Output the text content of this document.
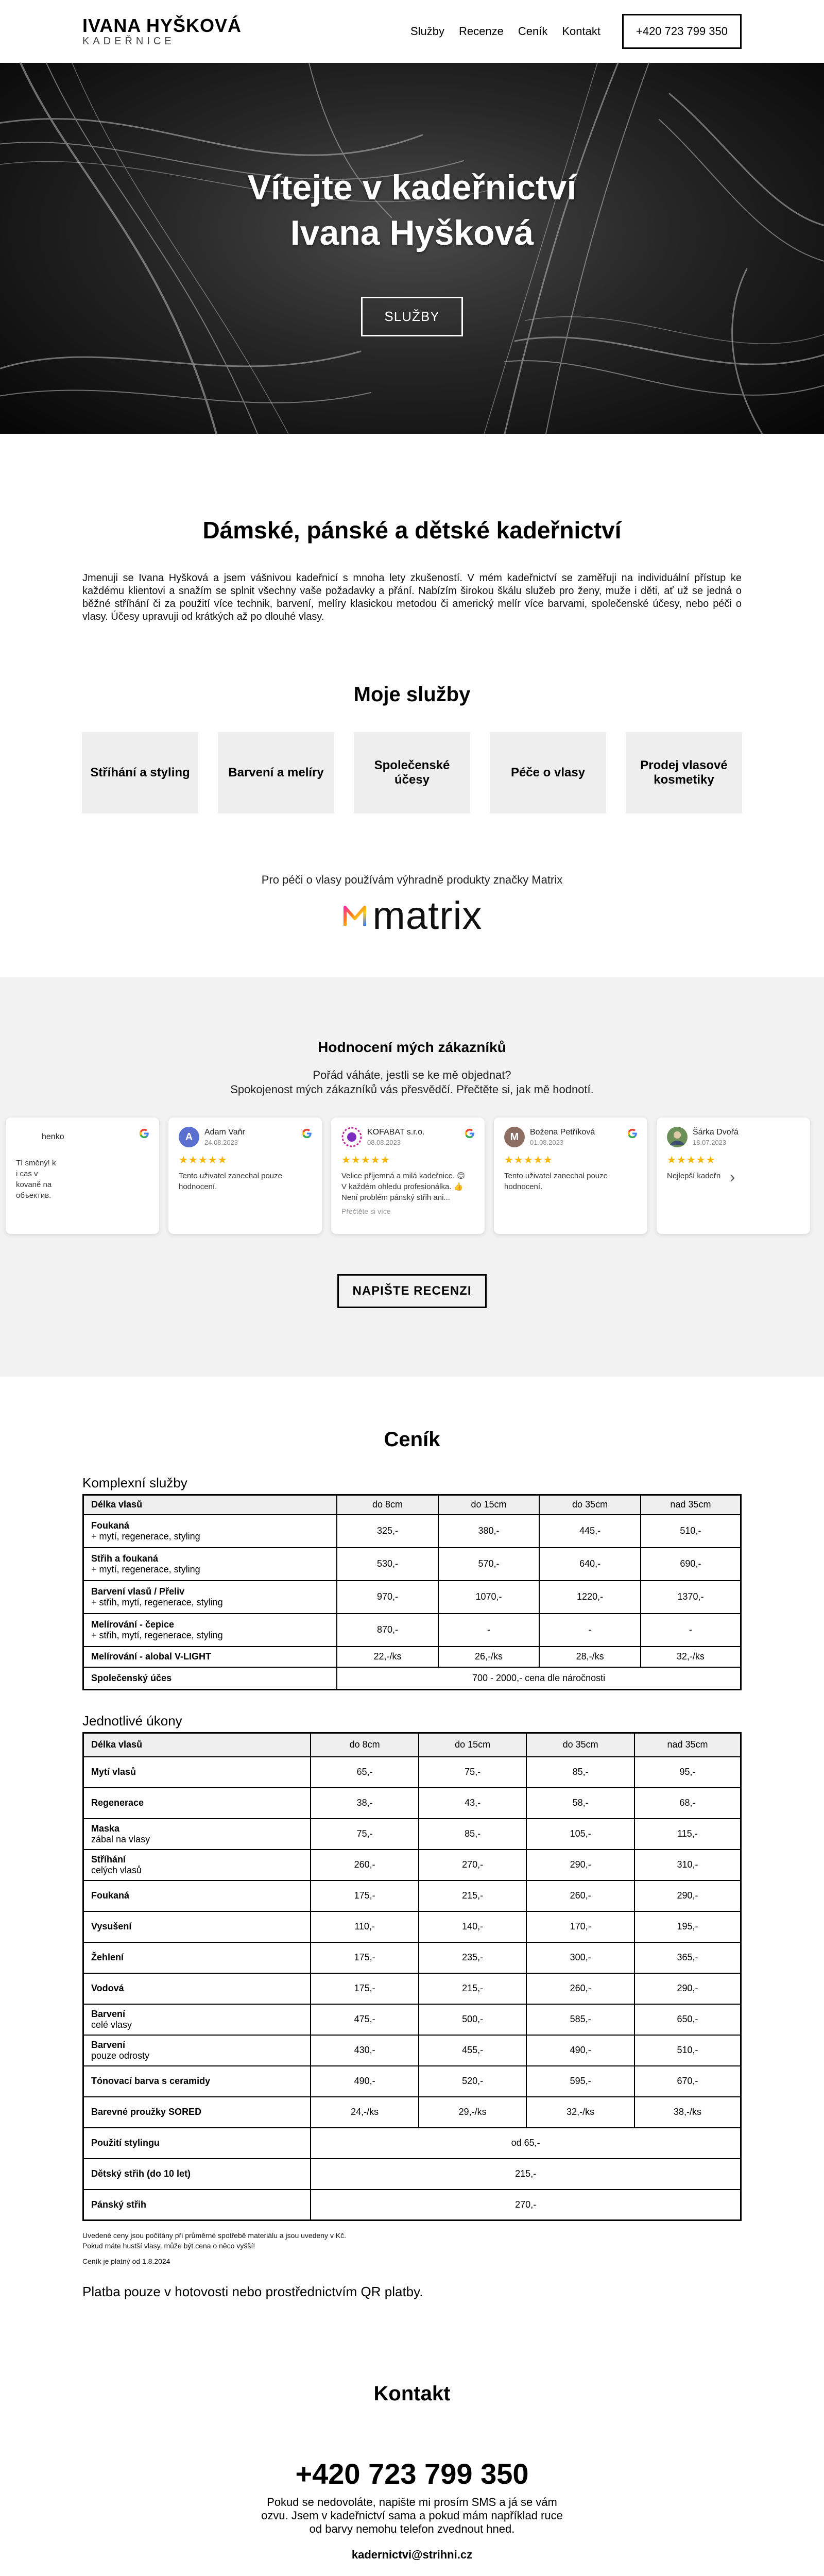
IVANA HYŠKOVÁ
KADEŘNICE
Služby Recenze Ceník Kontakt	+420 723 799 350
Vítejte v kadeřnictví
Ivana Hyšková
SLUŽBY
Dámské, pánské a dětské kadeřnictví

Jmenuji se Ivana Hyšková a jsem vášnivou kadeřnicí s mnoha lety zkušeností. V mém kadeřnictví se zaměřuji na individuální přístup ke každému klientovi a snažím se splnit všechny vaše požadavky a přání. Nabízím širokou škálu služeb pro ženy, muže i děti, ať už se jedná o běžné stříhání či za použití více technik, barvení, melíry klasickou metodou či americký melír více barvami, společenské účesy, nebo péči o vlasy. Účesy upravuji od krátkých až po dlouhé vlasy.

Moje služby
Stříhání a styling	Barvení a melíry
Společenské účesy
Péče o vlasy
Prodej vlasové kosmetiky

Pro péči o vlasy používám výhradně produkty značky Matrix

matrix
Hodnocení mých zákazníků

Pořád váháte, jestli se ke mě objednat?
Spokojenost mých zákazníků vás přesvědčí. Přečtěte si, jak mě hodnotí.

henko
Tí směný! k
i cas v
kovaně na
объектив.
A	Adam Vaňr
24.08.2023
★★★★★
Tento uživatel zanechal pouze hodnocení.
KOFABAT s.r.o.
08.08.2023
★★★★★
Velice příjemná a milá kadeřnice. 😊
V každém ohledu profesionálka. 👍
Není problém pánský střih ani...
Přečtěte si více
M	Božena Petříková
01.08.2023
★★★★★
Tento uživatel zanechal pouze hodnocení.
Šárka Dvořá
18.07.2023
★★★★★
Nejlepší kadeřn ›
NAPIŠTE RECENZI
Ceník
Komplexní služby
Délka vlasů	do 8cm	do 15cm	do 35cm	nad 35cm
Foukaná
+ mytí, regenerace, styling	325,-	380,-	445,-	510,-
Střih a foukaná
+ mytí, regenerace, styling	530,-	570,-	640,-	690,-
Barvení vlasů / Přeliv
+ střih, mytí, regenerace, styling	970,-	1070,-	1220,-	1370,-
Melírování - čepice
+ střih, mytí, regenerace, styling	870,-	-	-	-
Melírování - alobal V-LIGHT	22,-/ks	26,-/ks	28,-/ks	32,-/ks
Společenský účes	700 - 2000,- cena dle náročnosti			
Jednotlivé úkony
Délka vlasů	do 8cm	do 15cm	do 35cm	nad 35cm
Mytí vlasů	65,-	75,-	85,-	95,-
Regenerace	38,-	43,-	58,-	68,-
Maska
zábal na vlasy	75,-	85,-	105,-	115,-
Stříhání
celých vlasů	260,-	270,-	290,-	310,-
Foukaná	175,-	215,-	260,-	290,-
Vysušení	110,-	140,-	170,-	195,-
Žehlení	175,-	235,-	300,-	365,-
Vodová	175,-	215,-	260,-	290,-
Barvení
celé vlasy	475,-	500,-	585,-	650,-
Barvení
pouze odrosty	430,-	455,-	490,-	510,-
Tónovací barva s ceramidy	490,-	520,-	595,-	670,-
Barevné proužky SORED	24,-/ks	29,-/ks	32,-/ks	38,-/ks
Použití stylingu	od 65,-			
Dětský střih (do 10 let)	215,-			
Pánský střih	270,-			
Uvedené ceny jsou počítány při průměrné spotřebě materiálu a jsou uvedeny v Kč.
Pokud máte hustší vlasy, může být cena o něco vyšší!
Ceník je platný od 1.8.2024

Platba pouze v hotovosti nebo prostřednictvím QR platby.

Kontakt
+420 723 799 350

Pokud se nedovoláte, napište mi prosím SMS a já se vám
ozvu. Jsem v kadeřnictví sama a pokud mám například ruce
od barvy nemohu telefon zvednout hned.

kadernictvi@strihni.cz
